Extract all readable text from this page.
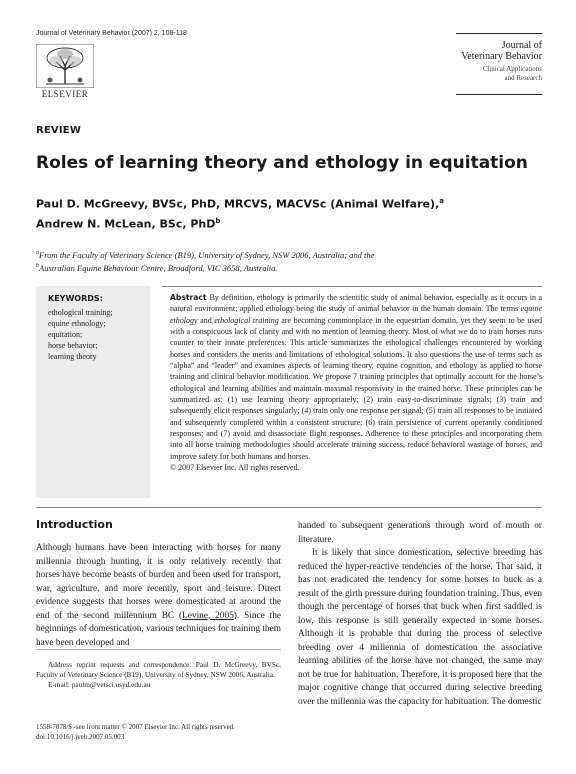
Journal of Veterinary Behavior (2007) 2, 108-118
ELSEVIER
Journal of
Veterinary Behavior
Clinical Applications
and Research
REVIEW
Roles of learning theory and ethology in equitation
Paul D. McGreevy, BVSc, PhD, MRCVS, MACVSc (Animal Welfare),$^a$
Andrew N. McLean, BSc, PhD$^b$
$^a$From the Faculty of Veterinary Science (B19), University of Sydney, NSW 2006, Australia; and the
$^b$Australian Equine Behaviour Centre, Broadford, VIC 3658, Australia.
KEYWORDS:
ethological training;
equine ethnology;
equitation;
horse behavior;
learning theory
Abstract By definition, ethology is primarily the scientific study of animal behavior, especially as it occurs in a natural environment; applied ethology being the study of animal behavior in the human domain. The terms equine ethology and ethological training are becoming commonplace in the equestrian domain, yet they seem to be used with a conspicuous lack of clarity and with no mention of learning theory. Most of what we do to train horses runs counter to their innate preferences. This article summarizes the ethological challenges encountered by working horses and considers the merits and limitations of ethological solutions. It also questions the use of terms such as “alpha” and “leader” and examines aspects of learning theory, equine cognition, and ethology as applied to horse training and clinical behavior modification. We propose 7 training principles that optimally account for the horse’s ethological and learning abilities and maintain maximal responsivity in the trained horse. These principles can be summarized as: (1) use learning theory appropriately; (2) train easy-to-discriminate signals; (3) train and subsequently elicit responses singularly; (4) train only one response per signal; (5) train all responses to be initiated and subsequently completed within a consistent structure; (6) train persistence of current operantly conditioned responses; and (7) avoid and disassociate flight responses. Adherence to these principles and incorporating them into all horse training methodologies should accelerate training success, reduce behavioral wastage of horses, and improve safety for both humans and horses.
© 2007 Elsevier Inc. All rights reserved.
Introduction

Although humans have been interacting with horses for many millennia through hunting, it is only relatively recently that horses have become beasts of burden and been used for transport, war, agriculture, and more recently, sport and leisure. Direct evidence suggests that horses were domesticated at around the end of the second millennium BC (Levine, 2005). Since the beginnings of domestication, various techniques for training them have been developed and

handed to subsequent generations through word of mouth or literature.

It is likely that since domestication, selective breeding has reduced the hyper-reactive tendencies of the horse. That said, it has not eradicated the tendency for some horses to buck as a result of the girth pressure during foundation training. Thus, even though the percentage of horses that buck when first saddled is low, this response is still generally expected in some horses. Although it is probable that during the process of selective breeding over 4 millennia of domestication the associative learning abilities of the horse have not changed, the same may not be true for habituation. Therefore, it is proposed here that the major cognitive change that occurred during selective breeding over the millennia was the capacity for habituation. The domestic

Address reprint requests and correspondence: Paul D. McGreevy, BVSc, Faculty of Veterinary Science (B19), University of Sydney, NSW 2006, Australia.

E-mail: paulm@vetsci.usyd.edu.au

1558-7878/$ -see front matter © 2007 Elsevier Inc. All rights reserved.
doi:10.1016/j.jveb.2007.05.003
